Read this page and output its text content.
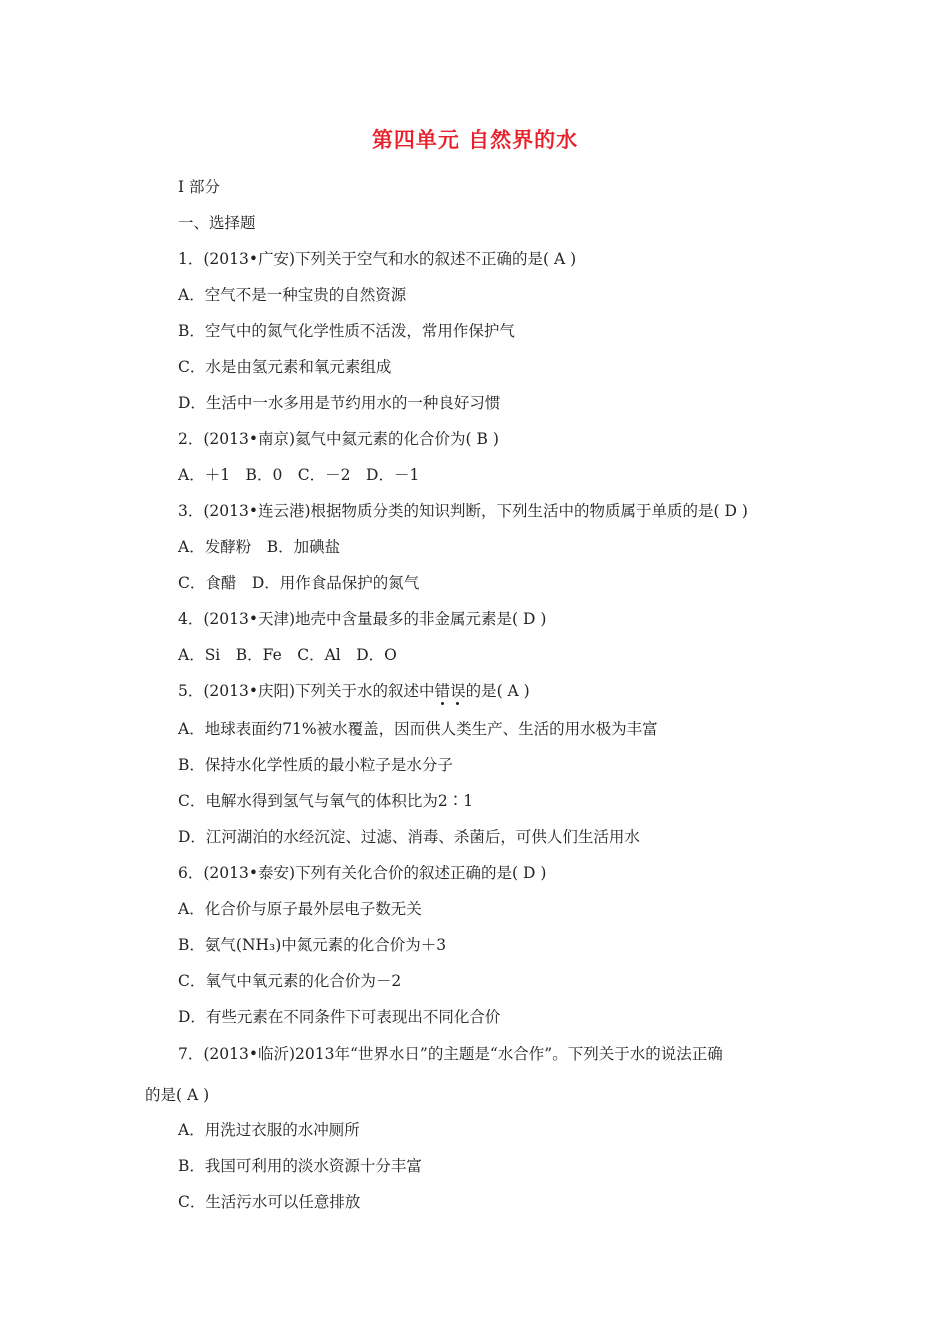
第四单元 自然界的水
Ⅰ 部分
一、选择题
1．(2013•广安)下列关于空气和水的叙述不正确的是( A )
A．空气不是一种宝贵的自然资源
B．空气中的氮气化学性质不活泼，常用作保护气
C．水是由氢元素和氧元素组成
D．生活中一水多用是节约用水的一种良好习惯
2．(2013•南京)氦气中氦元素的化合价为( B )
A．＋1　B．0　C．－2　D．－1
3．(2013•连云港)根据物质分类的知识判断，下列生活中的物质属于单质的是( D )
A．发酵粉　B．加碘盐
C．食醋　D．用作食品保护的氮气
4．(2013•天津)地壳中含量最多的非金属元素是( D )
A．Si　B．Fe　C．Al　D．O
5．(2013•庆阳)下列关于水的叙述中错误的是( A )
A．地球表面约71%被水覆盖，因而供人类生产、生活的用水极为丰富
B．保持水化学性质的最小粒子是水分子
C．电解水得到氢气与氧气的体积比为2∶1
D．江河湖泊的水经沉淀、过滤、消毒、杀菌后，可供人们生活用水
6．(2013•泰安)下列有关化合价的叙述正确的是( D )
A．化合价与原子最外层电子数无关
B．氨气(NH₃)中氮元素的化合价为＋3
C．氧气中氧元素的化合价为－2
D．有些元素在不同条件下可表现出不同化合价
7．(2013•临沂)2013年“世界水日”的主题是“水合作”。下列关于水的说法正确
的是( A )
A．用洗过衣服的水冲厕所
B．我国可利用的淡水资源十分丰富
C．生活污水可以任意排放
